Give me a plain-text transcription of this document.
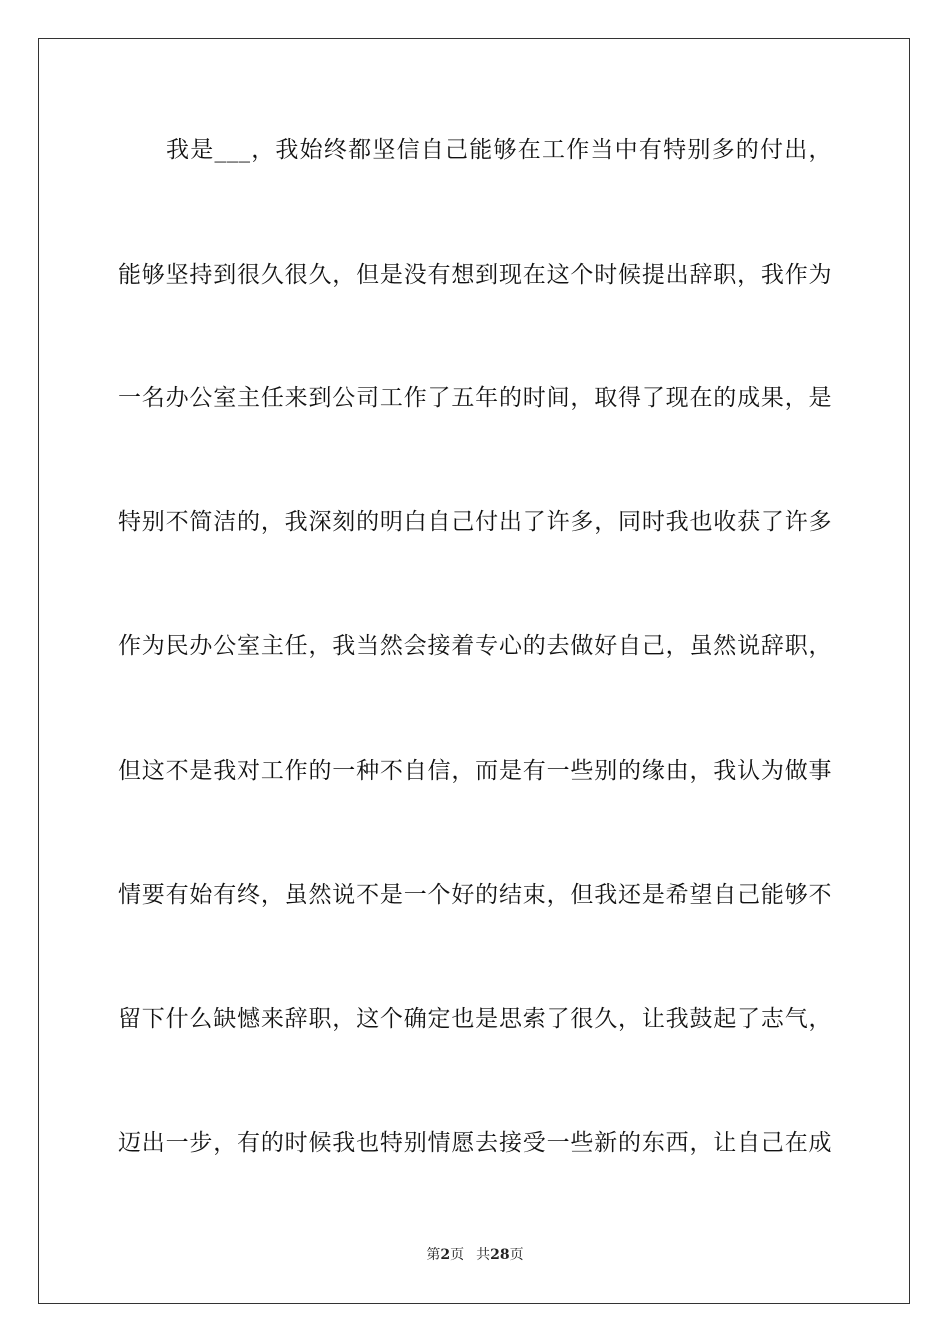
我是___，我始终都坚信自己能够在工作当中有特别多的付出，
能够坚持到很久很久，但是没有想到现在这个时候提出辞职，我作为
一名办公室主任来到公司工作了五年的时间，取得了现在的成果，是
特别不简洁的，我深刻的明白自己付出了许多，同时我也收获了许多
作为民办公室主任，我当然会接着专心的去做好自己，虽然说辞职，
但这不是我对工作的一种不自信，而是有一些别的缘由，我认为做事
情要有始有终，虽然说不是一个好的结束，但我还是希望自己能够不
留下什么缺憾来辞职，这个确定也是思索了很久，让我鼓起了志气，
迈出一步，有的时候我也特别情愿去接受一些新的东西，让自己在成
第2页 共28页
